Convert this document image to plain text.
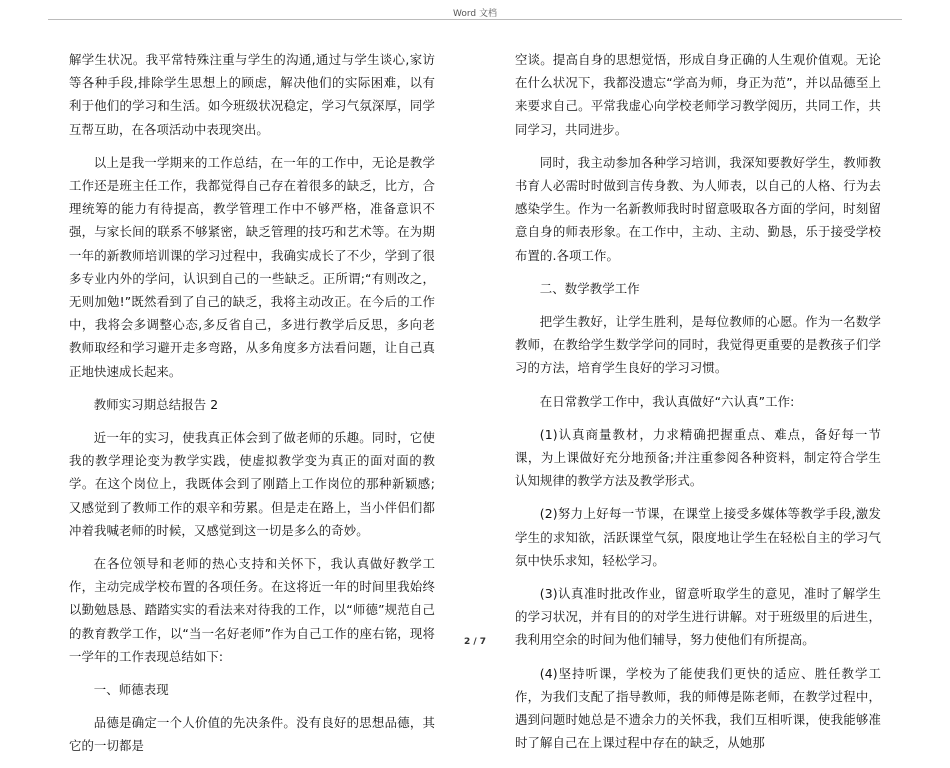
Word 文档

解学生状况。我平常特殊注重与学生的沟通,通过与学生谈心,家访等各种手段,排除学生思想上的顾虑，解决他们的实际困难，以有利于他们的学习和生活。如今班级状况稳定，学习气氛深厚，同学互帮互助，在各项活动中表现突出。

以上是我一学期来的工作总结，在一年的工作中，无论是教学工作还是班主任工作，我都觉得自己存在着很多的缺乏，比方，合理统筹的能力有待提高，教学管理工作中不够严格，准备意识不强，与家长间的联系不够紧密，缺乏管理的技巧和艺术等。在为期一年的新教师培训课的学习过程中，我确实成长了不少，学到了很多专业内外的学问，认识到自己的一些缺乏。正所谓;“有则改之，无则加勉!”既然看到了自己的缺乏，我将主动改正。在今后的工作中，我将会多调整心态,多反省自己，多进行教学后反思，多向老教师取经和学习避开走多弯路，从多角度多方法看问题，让自己真正地快速成长起来。

教师实习期总结报告 2

近一年的实习，使我真正体会到了做老师的乐趣。同时，它使我的教学理论变为教学实践，使虚拟教学变为真正的面对面的教学。在这个岗位上，我既体会到了刚踏上工作岗位的那种新颖感;又感觉到了教师工作的艰辛和劳累。但是走在路上，当小伴侣们都冲着我喊老师的时候，又感觉到这一切是多么的奇妙。

在各位领导和老师的热心支持和关怀下，我认真做好教学工作，主动完成学校布置的各项任务。在这将近一年的时间里我始终以勤勉恳恳、踏踏实实的看法来对待我的工作，以“师德”规范自己的教育教学工作，以“当一名好老师”作为自己工作的座右铭，现将一学年的工作表现总结如下:

一、师德表现

品德是确定一个人价值的先决条件。没有良好的思想品德，其它的一切都是

空谈。提高自身的思想觉悟，形成自身正确的人生观价值观。无论在什么状况下，我都没遗忘“学高为师，身正为范”，并以品德至上来要求自己。平常我虚心向学校老师学习教学阅历，共同工作，共同学习，共同进步。

同时，我主动参加各种学习培训，我深知要教好学生，教师教书育人必需时时做到言传身教、为人师表，以自己的人格、行为去感染学生。作为一名新教师我时时留意吸取各方面的学问，时刻留意自身的师表形象。在工作中，主动、主动、勤恳，乐于接受学校布置的.各项工作。

二、数学教学工作

把学生教好，让学生胜利，是每位教师的心愿。作为一名数学教师，在教给学生数学学问的同时，我觉得更重要的是教孩子们学习的方法，培育学生良好的学习习惯。

在日常教学工作中，我认真做好“六认真”工作:

(1)认真商量教材，力求精确把握重点、难点，备好每一节课，为上课做好充分地预备;并注重参阅各种资料，制定符合学生认知规律的教学方法及教学形式。

(2)努力上好每一节课，在课堂上接受多媒体等教学手段,激发学生的求知欲，活跃课堂气氛，限度地让学生在轻松自主的学习气氛中快乐求知，轻松学习。

(3)认真准时批改作业，留意听取学生的意见，准时了解学生的学习状况，并有目的的对学生进行讲解。对于班级里的后进生，我利用空余的时间为他们辅导，努力使他们有所提高。

(4)坚持听课，学校为了能使我们更快的适应、胜任教学工作，为我们支配了指导教师，我的师傅是陈老师，在教学过程中，遇到问题时她总是不遗余力的关怀我，我们互相听课，使我能够准时了解自己在上课过程中存在的缺乏，从她那

2 / 7
